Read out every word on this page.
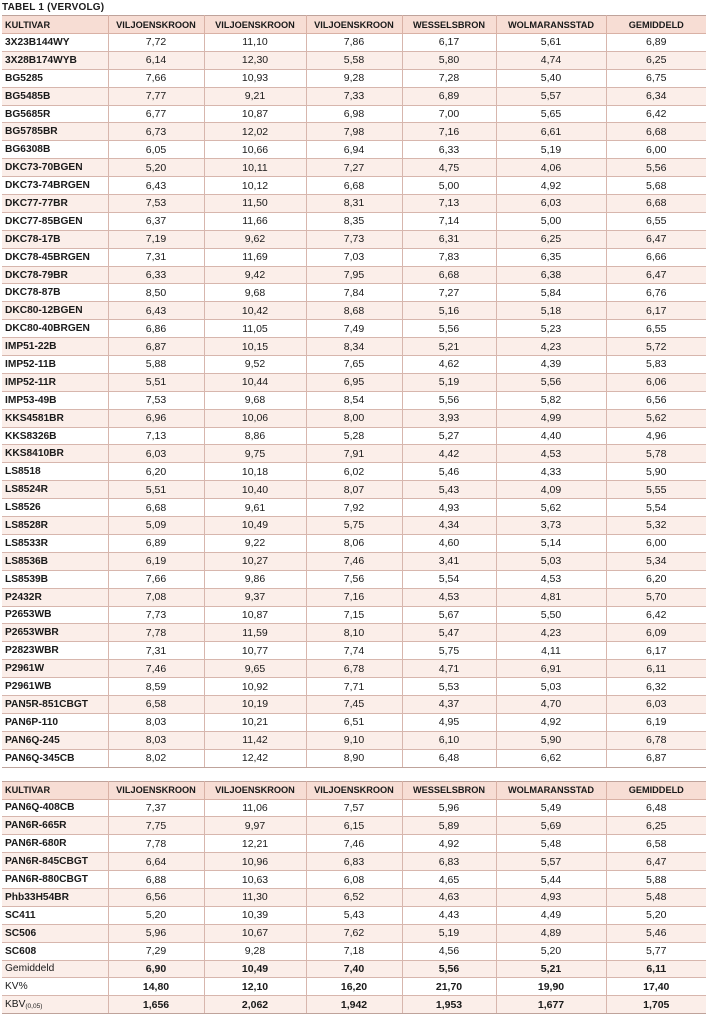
TABEL 1 (VERVOLG)
KULTIVAR	VILJOENSKROON	VILJOENSKROON	VILJOENSKROON	WESSELSBRON	WOLMARANSSTAD	GEMIDDELD
3X23B144WY	7,72	11,10	7,86	6,17	5,61	6,89
3X28B174WYB	6,14	12,30	5,58	5,80	4,74	6,25
BG5285	7,66	10,93	9,28	7,28	5,40	6,75
BG5485B	7,77	9,21	7,33	6,89	5,57	6,34
BG5685R	6,77	10,87	6,98	7,00	5,65	6,42
BG5785BR	6,73	12,02	7,98	7,16	6,61	6,68
BG6308B	6,05	10,66	6,94	6,33	5,19	6,00
DKC73-70BGEN	5,20	10,11	7,27	4,75	4,06	5,56
DKC73-74BRGEN	6,43	10,12	6,68	5,00	4,92	5,68
DKC77-77BR	7,53	11,50	8,31	7,13	6,03	6,68
DKC77-85BGEN	6,37	11,66	8,35	7,14	5,00	6,55
DKC78-17B	7,19	9,62	7,73	6,31	6,25	6,47
DKC78-45BRGEN	7,31	11,69	7,03	7,83	6,35	6,66
DKC78-79BR	6,33	9,42	7,95	6,68	6,38	6,47
DKC78-87B	8,50	9,68	7,84	7,27	5,84	6,76
DKC80-12BGEN	6,43	10,42	8,68	5,16	5,18	6,17
DKC80-40BRGEN	6,86	11,05	7,49	5,56	5,23	6,55
IMP51-22B	6,87	10,15	8,34	5,21	4,23	5,72
IMP52-11B	5,88	9,52	7,65	4,62	4,39	5,83
IMP52-11R	5,51	10,44	6,95	5,19	5,56	6,06
IMP53-49B	7,53	9,68	8,54	5,56	5,82	6,56
KKS4581BR	6,96	10,06	8,00	3,93	4,99	5,62
KKS8326B	7,13	8,86	5,28	5,27	4,40	4,96
KKS8410BR	6,03	9,75	7,91	4,42	4,53	5,78
LS8518	6,20	10,18	6,02	5,46	4,33	5,90
LS8524R	5,51	10,40	8,07	5,43	4,09	5,55
LS8526	6,68	9,61	7,92	4,93	5,62	5,54
LS8528R	5,09	10,49	5,75	4,34	3,73	5,32
LS8533R	6,89	9,22	8,06	4,60	5,14	6,00
LS8536B	6,19	10,27	7,46	3,41	5,03	5,34
LS8539B	7,66	9,86	7,56	5,54	4,53	6,20
P2432R	7,08	9,37	7,16	4,53	4,81	5,70
P2653WB	7,73	10,87	7,15	5,67	5,50	6,42
P2653WBR	7,78	11,59	8,10	5,47	4,23	6,09
P2823WBR	7,31	10,77	7,74	5,75	4,11	6,17
P2961W	7,46	9,65	6,78	4,71	6,91	6,11
P2961WB	8,59	10,92	7,71	5,53	5,03	6,32
PAN5R-851CBGT	6,58	10,19	7,45	4,37	4,70	6,03
PAN6P-110	8,03	10,21	6,51	4,95	4,92	6,19
PAN6Q-245	8,03	11,42	9,10	6,10	5,90	6,78
PAN6Q-345CB	8,02	12,42	8,90	6,48	6,62	6,87
KULTIVAR	VILJOENSKROON	VILJOENSKROON	VILJOENSKROON	WESSELSBRON	WOLMARANSSTAD	GEMIDDELD
PAN6Q-408CB	7,37	11,06	7,57	5,96	5,49	6,48
PAN6R-665R	7,75	9,97	6,15	5,89	5,69	6,25
PAN6R-680R	7,78	12,21	7,46	4,92	5,48	6,58
PAN6R-845CBGT	6,64	10,96	6,83	6,83	5,57	6,47
PAN6R-880CBGT	6,88	10,63	6,08	4,65	5,44	5,88
Phb33H54BR	6,56	11,30	6,52	4,63	4,93	5,48
SC411	5,20	10,39	5,43	4,43	4,49	5,20
SC506	5,96	10,67	7,62	5,19	4,89	5,46
SC608	7,29	9,28	7,18	4,56	5,20	5,77
Gemiddeld	6,90	10,49	7,40	5,56	5,21	6,11
KV%	14,80	12,10	16,20	21,70	19,90	17,40
KBV(0,05)	1,656	2,062	1,942	1,953	1,677	1,705
